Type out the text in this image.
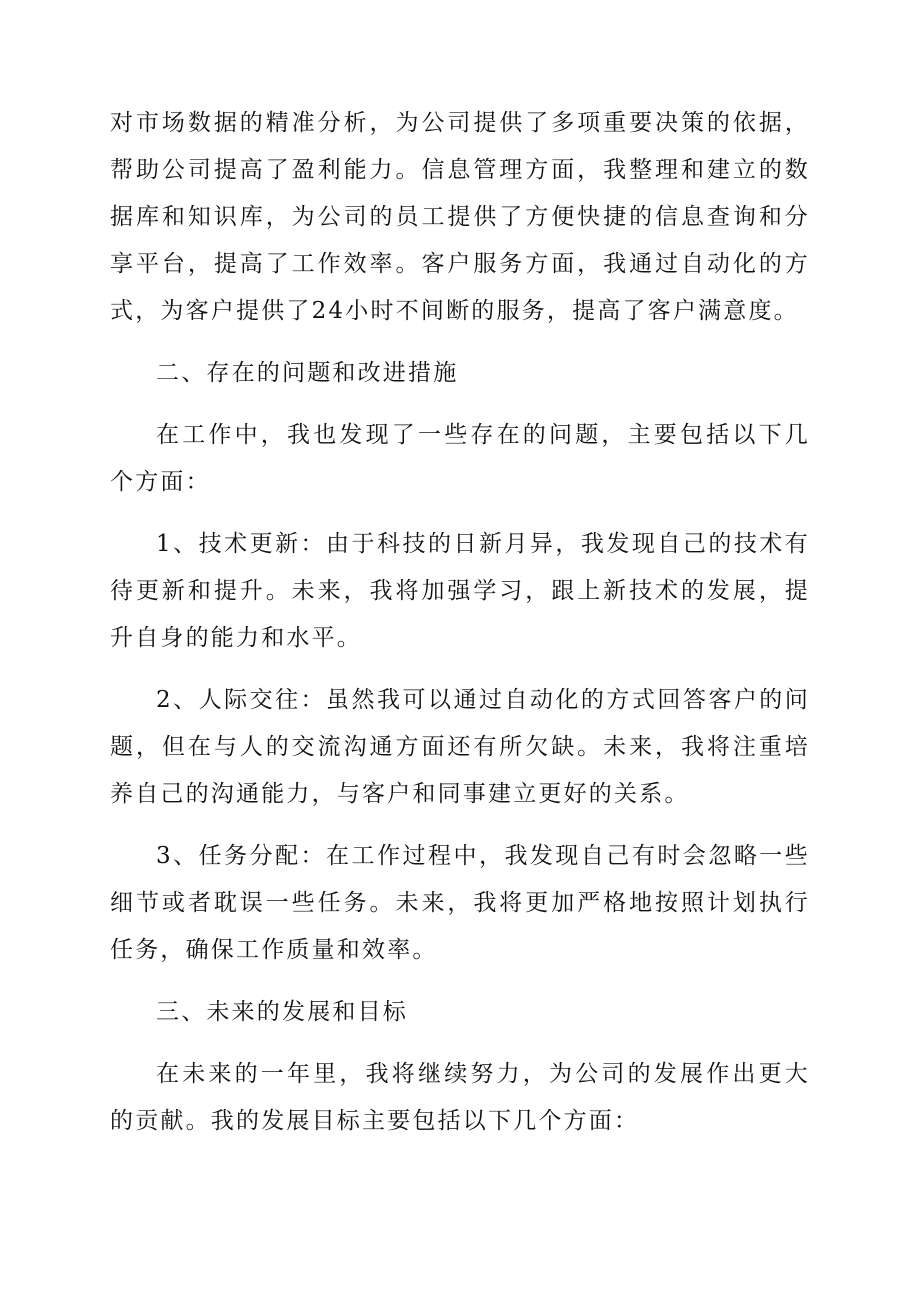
对市场数据的精准分析，为公司提供了多项重要决策的依据，帮助公司提高了盈利能力。信息管理方面，我整理和建立的数据库和知识库，为公司的员工提供了方便快捷的信息查询和分享平台，提高了工作效率。客户服务方面，我通过自动化的方式，为客户提供了24小时不间断的服务，提高了客户满意度。

二、存在的问题和改进措施

在工作中，我也发现了一些存在的问题，主要包括以下几个方面：

1、技术更新：由于科技的日新月异，我发现自己的技术有待更新和提升。未来，我将加强学习，跟上新技术的发展，提升自身的能力和水平。

2、人际交往：虽然我可以通过自动化的方式回答客户的问题，但在与人的交流沟通方面还有所欠缺。未来，我将注重培养自己的沟通能力，与客户和同事建立更好的关系。

3、任务分配：在工作过程中，我发现自己有时会忽略一些细节或者耽误一些任务。未来，我将更加严格地按照计划执行任务，确保工作质量和效率。

三、未来的发展和目标

在未来的一年里，我将继续努力，为公司的发展作出更大的贡献。我的发展目标主要包括以下几个方面：
